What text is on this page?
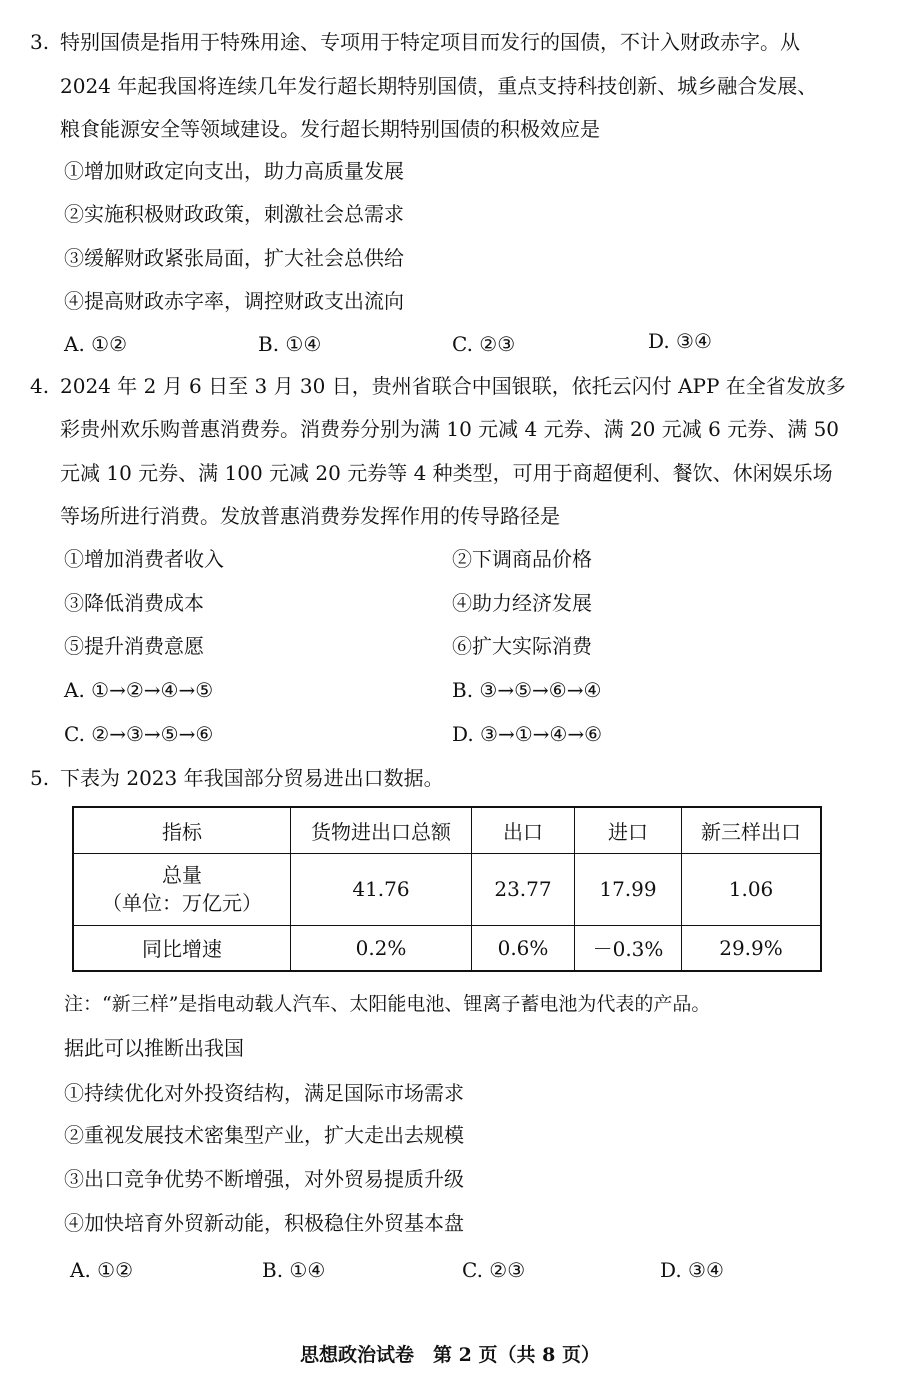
3. 特别国债是指用于特殊用途、专项用于特定项目而发行的国债，不计入财政赤字。从
2024 年起我国将连续几年发行超长期特别国债，重点支持科技创新、城乡融合发展、
粮食能源安全等领域建设。发行超长期特别国债的积极效应是
①增加财政定向支出，助力高质量发展
②实施积极财政政策，刺激社会总需求
③缓解财政紧张局面，扩大社会总供给
④提高财政赤字率，调控财政支出流向
A. ①②	B. ①④	C. ②③	D. ③④
4. 2024 年 2 月 6 日至 3 月 30 日，贵州省联合中国银联，依托云闪付 APP 在全省发放多
彩贵州欢乐购普惠消费券。消费券分别为满 10 元减 4 元券、满 20 元减 6 元券、满 50
元减 10 元券、满 100 元减 20 元券等 4 种类型，可用于商超便利、餐饮、休闲娱乐场
等场所进行消费。发放普惠消费券发挥作用的传导路径是
①增加消费者收入	②下调商品价格
③降低消费成本	④助力经济发展
⑤提升消费意愿	⑥扩大实际消费
A. ①→②→④→⑤	B. ③→⑤→⑥→④
C. ②→③→⑤→⑥	D. ③→①→④→⑥
5. 下表为 2023 年我国部分贸易进出口数据。
指标	货物进出口总额	出口	进口	新三样出口

总量
（单位：万亿元）	41.76	23.77	17.99	1.06
同比增速	0.2%	0.6%	－0.3%	29.9%
注：“新三样”是指电动载人汽车、太阳能电池、锂离子蓄电池为代表的产品。
据此可以推断出我国
①持续优化对外投资结构，满足国际市场需求
②重视发展技术密集型产业，扩大走出去规模
③出口竞争优势不断增强，对外贸易提质升级
④加快培育外贸新动能，积极稳住外贸基本盘
A. ①②	B. ①④	C. ②③	D. ③④
思想政治试卷　第 2 页（共 8 页）
